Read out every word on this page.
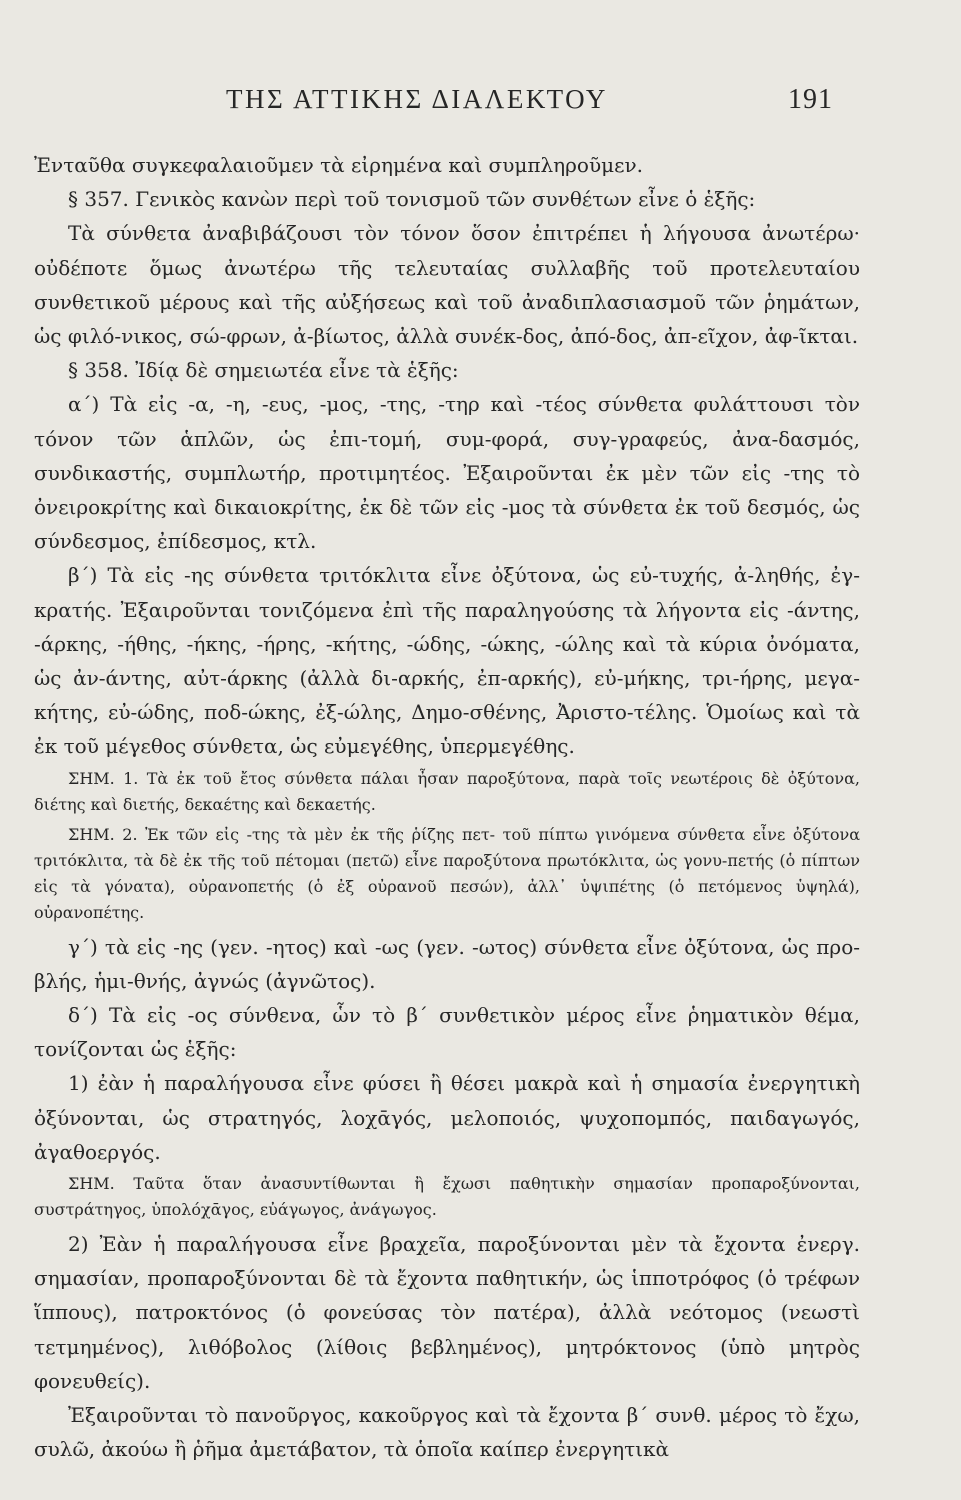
ΤΗΣ ΑΤΤΙΚΗΣ ΔΙΑΛΕΚΤΟΥ	191

Ἐνταῦθα συγκεφαλαιοῦμεν τὰ εἰρημένα καὶ συμπληροῦμεν.

§ 357. Γενικὸς κανὼν περὶ τοῦ τονισμοῦ τῶν συνθέτων εἶνε ὁ ἑξῆς:

Τὰ σύνθετα ἀναβιβάζουσι τὸν τόνον ὅσον ἐπιτρέπει ἡ λήγουσα ἀνωτέρω· οὐδέποτε ὅμως ἀνωτέρω τῆς τελευταίας συλλαβῆς τοῦ προτελευταίου συνθετικοῦ μέρους καὶ τῆς αὐξήσεως καὶ τοῦ ἀναδιπλασιασμοῦ τῶν ῥημάτων, ὡς φιλό-νικος, σώ-φρων, ἀ-βίωτος, ἀλλὰ συνέκ-δος, ἀπό-δος, ἀπ-εῖχον, ἀφ-ῖκται.

§ 358. Ἰδίᾳ δὲ σημειωτέα εἶνε τὰ ἑξῆς:

α΄) Τὰ εἰς -α, -η, -ευς, -μος, -της, -τηρ καὶ -τέος σύνθετα φυλάττουσι τὸν τόνον τῶν ἁπλῶν, ὡς ἐπι-τομή, συμ-φορά, συγ-γραφεύς, ἀνα-δασμός, συνδικαστής, συμπλωτήρ, προτιμητέος. Ἐξαιροῦνται ἐκ μὲν τῶν εἰς -της τὸ ὀνειροκρίτης καὶ δικαιοκρίτης, ἐκ δὲ τῶν εἰς -μος τὰ σύνθετα ἐκ τοῦ δεσμός, ὡς σύνδεσμος, ἐπίδεσμος, κτλ.

β΄) Τὰ εἰς -ης σύνθετα τριτόκλιτα εἶνε ὀξύτονα, ὡς εὐ-τυχής, ἀ-ληθής, ἐγ-κρατής. Ἐξαιροῦνται τονιζόμενα ἐπὶ τῆς παραληγούσης τὰ λήγοντα εἰς -άντης, -άρκης, -ήθης, -ήκης, -ήρης, -κήτης, -ώδης, -ώκης, -ώλης καὶ τὰ κύρια ὀνόματα, ὡς ἀν-άντης, αὐτ-άρκης (ἀλλὰ δι-αρκής, ἐπ-αρκής), εὐ-μήκης, τρι-ήρης, μεγα-κήτης, εὐ-ώδης, ποδ-ώκης, ἐξ-ώλης, Δημο-σθένης, Ἀριστο-τέλης. Ὁμοίως καὶ τὰ ἐκ τοῦ μέγεθος σύνθετα, ὡς εὐμεγέθης, ὑπερμεγέθης.

ΣΗΜ. 1. Τὰ ἐκ τοῦ ἔτος σύνθετα πάλαι ἦσαν παροξύτονα, παρὰ τοῖς νεωτέροις δὲ ὀξύτονα, διέτης καὶ διετής, δεκαέτης καὶ δεκαετής.

ΣΗΜ. 2. Ἐκ τῶν εἰς -της τὰ μὲν ἐκ τῆς ῥίζης πετ- τοῦ πίπτω γινόμενα σύνθετα εἶνε ὀξύτονα τριτόκλιτα, τὰ δὲ ἐκ τῆς τοῦ πέτομαι (πετῶ) εἶνε παροξύτονα πρωτόκλιτα, ὡς γονυ-πετής (ὁ πίπτων εἰς τὰ γόνατα), οὐρανοπετής (ὁ ἐξ οὐρανοῦ πεσών), ἀλλ᾽ ὑψιπέτης (ὁ πετόμενος ὑψηλά), οὐρανοπέτης.

γ΄) τὰ εἰς -ης (γεν. -ητος) καὶ -ως (γεν. -ωτος) σύνθετα εἶνε ὀξύτονα, ὡς προ-βλής, ἡμι-θνής, ἀγνώς (ἀγνῶτος).

δ΄) Τὰ εἰς -ος σύνθενα, ὧν τὸ β΄ συνθετικὸν μέρος εἶνε ῥηματικὸν θέμα, τονίζονται ὡς ἑξῆς:

1) ἐὰν ἡ παραλήγουσα εἶνε φύσει ἢ θέσει μακρὰ καὶ ἡ σημασία ἐνεργητικὴ ὀξύνονται, ὡς στρατηγός, λοχᾱγός, μελοποιός, ψυχοπομπός, παιδαγωγός, ἀγαθοεργός.

ΣΗΜ. Ταῦτα ὅταν ἀνασυντίθωνται ἢ ἔχωσι παθητικὴν σημασίαν προπαροξύνονται, συστράτηγος, ὑπολόχᾱγος, εὐάγωγος, ἀνάγωγος.

2) Ἐὰν ἡ παραλήγουσα εἶνε βραχεῖα, παροξύνονται μὲν τὰ ἔχοντα ἐνεργ. σημασίαν, προπαροξύνονται δὲ τὰ ἔχοντα παθητικήν, ὡς ἱπποτρόφος (ὁ τρέφων ἵππους), πατροκτόνος (ὁ φονεύσας τὸν πατέρα), ἀλλὰ νεότομος (νεωστὶ τετμημένος), λιθόβολος (λίθοις βεβλημένος), μητρόκτονος (ὑπὸ μητρὸς φονευθείς).

Ἐξαιροῦνται τὸ πανοῦργος, κακοῦργος καὶ τὰ ἔχοντα β΄ συνθ. μέρος τὸ ἔχω, συλῶ, ἀκούω ἢ ῥῆμα ἀμετάβατον, τὰ ὁποῖα καίπερ ἐνεργητικὰ
